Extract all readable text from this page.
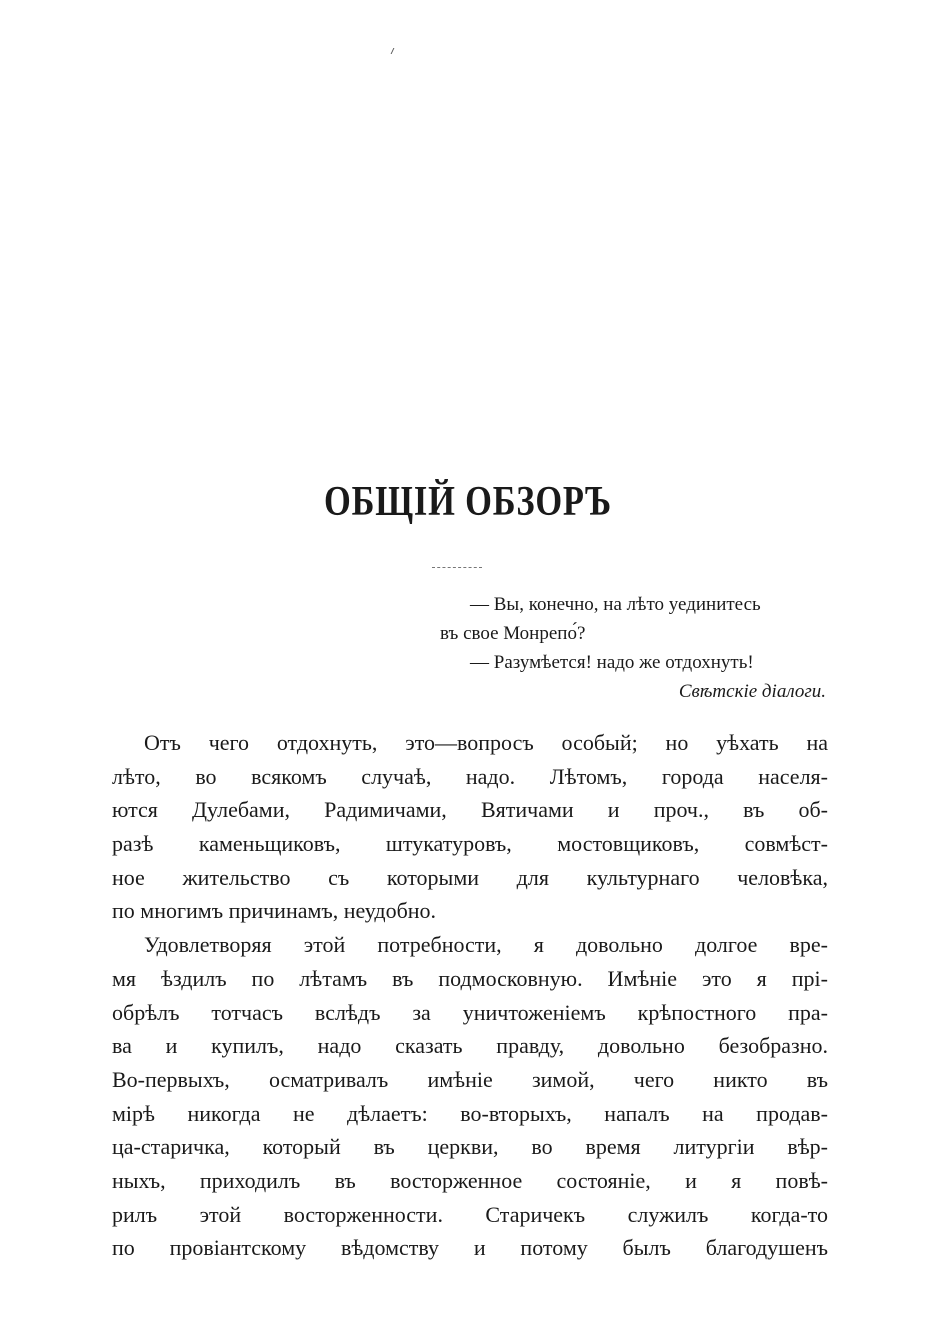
ОБЩІЙ ОБЗОРЪ
— Вы, конечно, на лѣто уединитесь
въ свое Монрепо́?
— Разумѣется! надо же отдохнуть!
Свѣтскіе діалоги.
Отъ чего отдохнуть, это—вопросъ особый; но уѣхать на
лѣто, во всякомъ случаѣ, надо. Лѣтомъ, города населя-
ются Дулебами, Радимичами, Вятичами и проч., въ об-
разѣ каменьщиковъ, штукатуровъ, мостовщиковъ, совмѣст-
ное жительство съ которыми для культурнаго человѣка,
по многимъ причинамъ, неудобно.
Удовлетворяя этой потребности, я довольно долгое вре-
мя ѣздилъ по лѣтамъ въ подмосковную. Имѣніе это я прі-
обрѣлъ тотчасъ вслѣдъ за уничтоженіемъ крѣпостного пра-
ва и купилъ, надо сказать правду, довольно безобразно.
Во-первыхъ, осматривалъ имѣніе зимой, чего никто въ
мірѣ никогда не дѣлаетъ: во-вторыхъ, напалъ на продав-
ца-старичка, который въ церкви, во время литургіи вѣр-
ныхъ, приходилъ въ восторженное состояніе, и я повѣ-
рилъ этой восторженности. Старичекъ служилъ когда-то
по провіантскому вѣдомству и потому былъ благодушенъ
